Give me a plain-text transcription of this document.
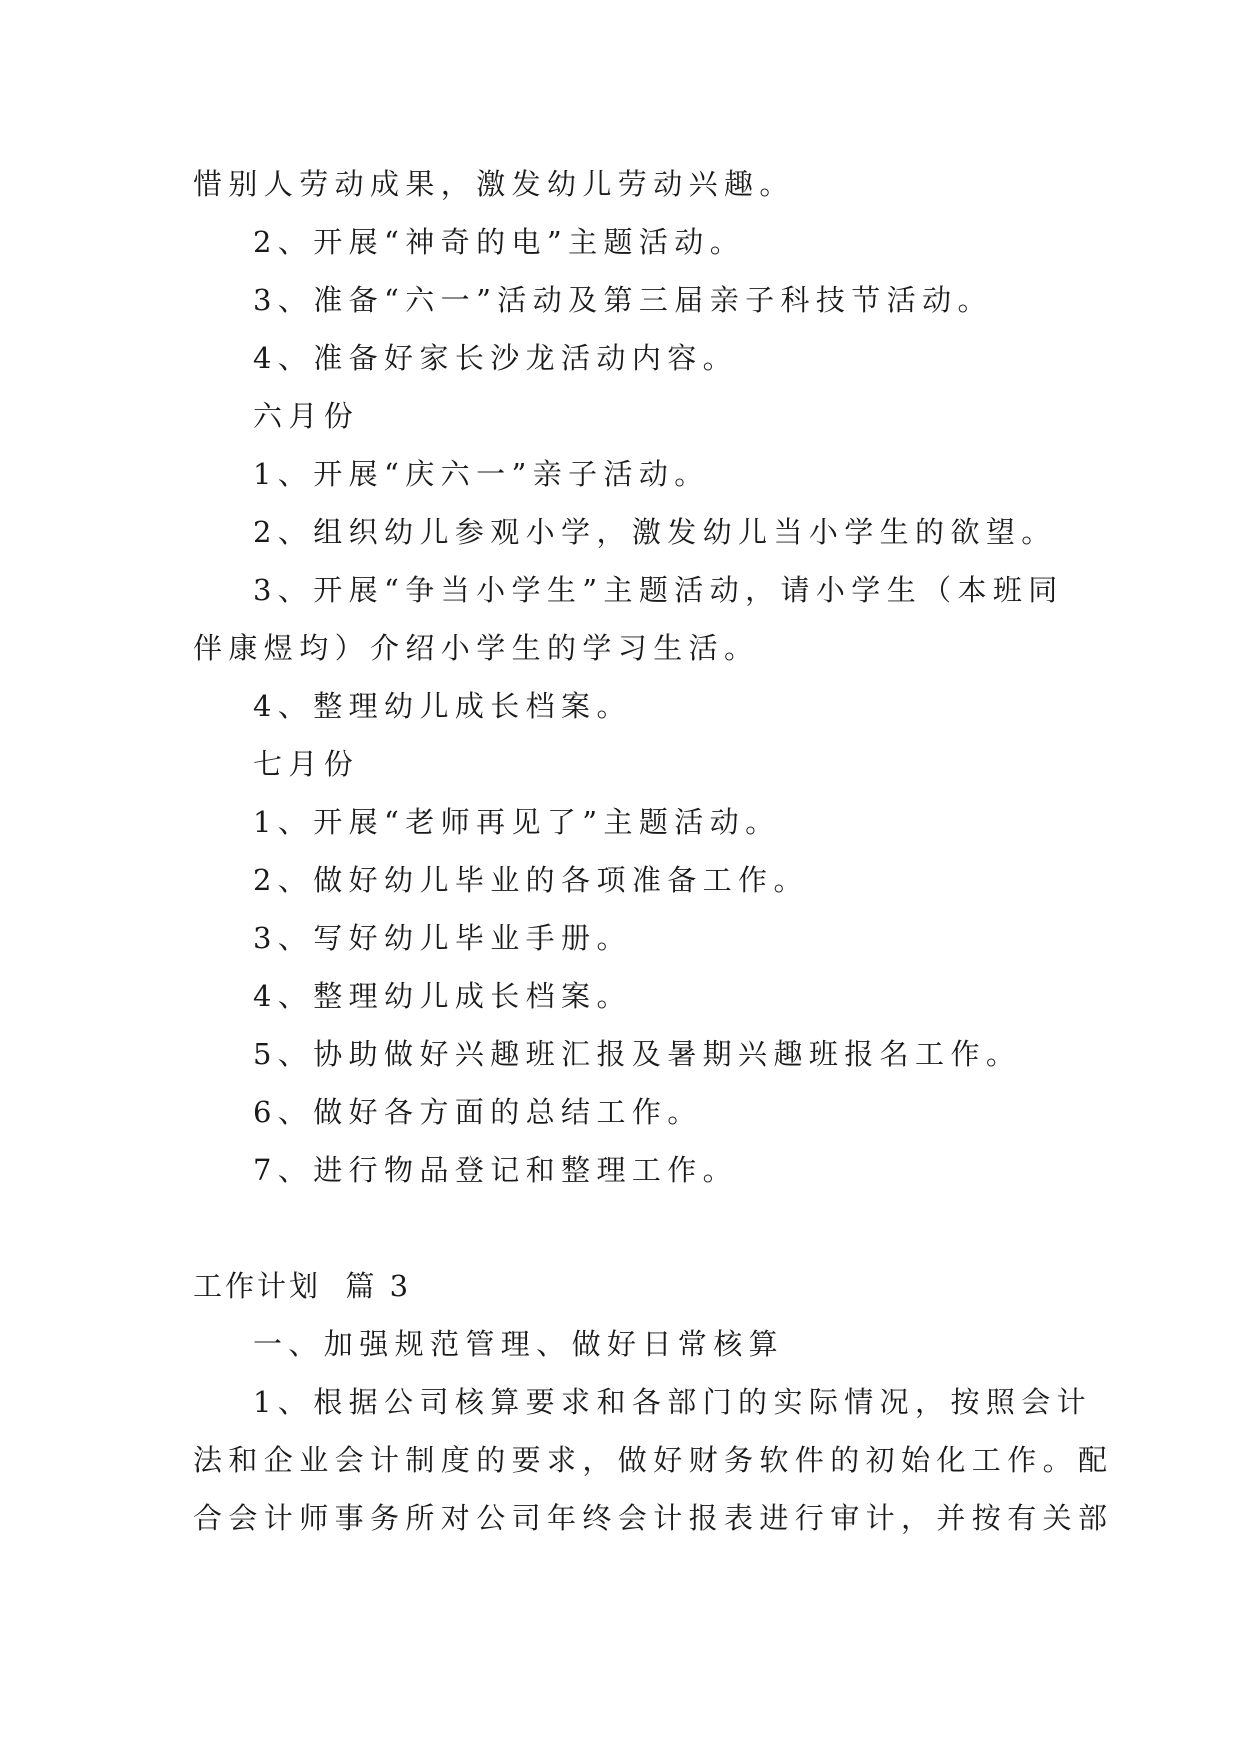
惜别人劳动成果，激发幼儿劳动兴趣。
2、开展“神奇的电”主题活动。
3、准备“六一”活动及第三届亲子科技节活动。
4、准备好家长沙龙活动内容。
六月份
1、开展“庆六一”亲子活动。
2、组织幼儿参观小学，激发幼儿当小学生的欲望。
3、开展“争当小学生”主题活动，请小学生（本班同
伴康煜均）介绍小学生的学习生活。
4、整理幼儿成长档案。
七月份
1、开展“老师再见了”主题活动。
2、做好幼儿毕业的各项准备工作。
3、写好幼儿毕业手册。
4、整理幼儿成长档案。
5、协助做好兴趣班汇报及暑期兴趣班报名工作。
6、做好各方面的总结工作。
7、进行物品登记和整理工作。
工作计划  篇 3
一、加强规范管理、做好日常核算
1、根据公司核算要求和各部门的实际情况，按照会计
法和企业会计制度的要求，做好财务软件的初始化工作。配
合会计师事务所对公司年终会计报表进行审计，并按有关部
